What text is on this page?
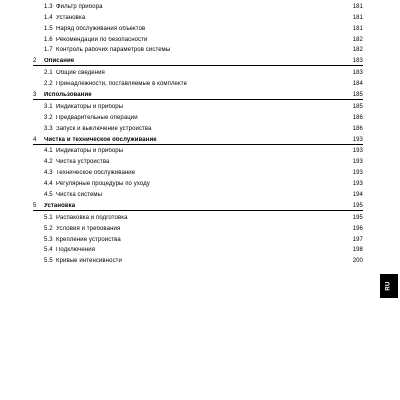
1.3 Фильтр прибора	181
1.4 Установка	181
1.5 Наряд обслуживания объектов	181
1.6 Рекомендации по безопасности	182
1.7 Контроль рабочих параметров системы	182
2	Описание	183
2.1 Общие сведения	183
2.2 Принадлежности, поставляемые в комплекте	184
3	Использование	185
3.1 Индикаторы и приборы	185
3.2 Предварительные операции	186
3.3 Запуск и выключение устройства	186
4	Чистка и техническое обслуживание	193
4.1 Индикаторы и приборы	193
4.2 Чистка устройства	193
4.3 Техническое обслуживание	193
4.4 Регулярные процедуры по уходу	193
4.5 Чистка системы	194
5	Установка	195
5.1 Распаковка и подготовка	195
5.2 Условия и требования	196
5.3 Крепление устройства	197
5.4 Подключения	198
5.5 Кривые интенсивности	200
RU
